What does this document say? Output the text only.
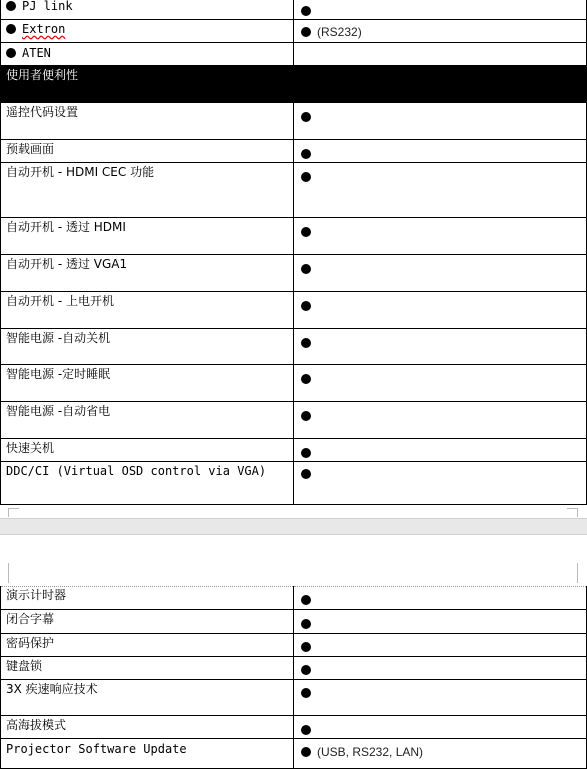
PJ link	
Extron	(RS232)
ATEN	
使用者便利性	
遥控代码设置	
预载画面	
自动开机 - HDMI CEC 功能	
自动开机 - 透过 HDMI	
自动开机 - 透过 VGA1	
自动开机 - 上电开机	
智能电源 -自动关机	
智能电源 -定时睡眠	
智能电源 -自动省电	
快速关机	
DDC/CI (Virtual OSD control via VGA)	
演示计时器	
闭合字幕	
密码保护	
键盘锁	
3X 疾速响应技术	
高海拔模式	
Projector Software Update	(USB, RS232, LAN)
